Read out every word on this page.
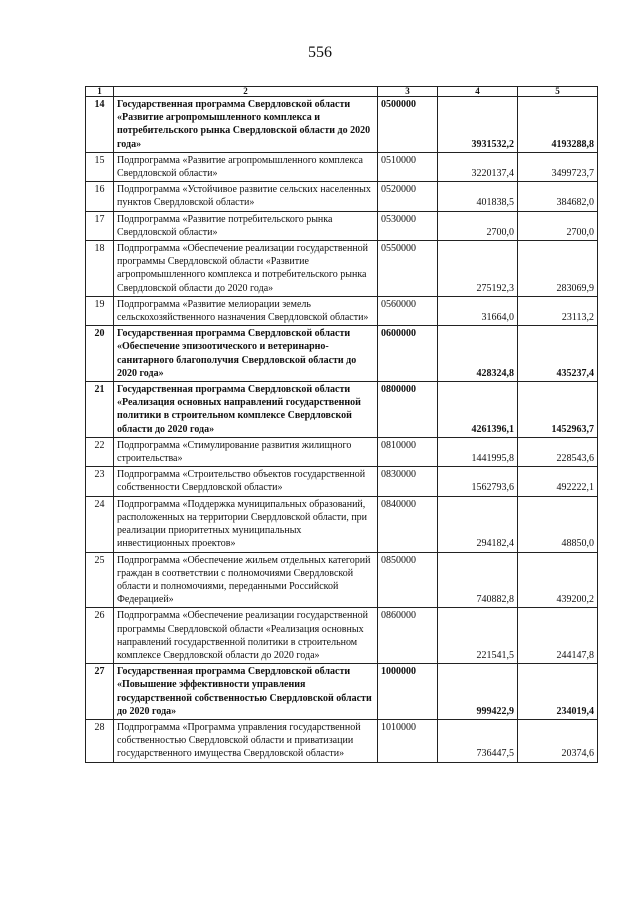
556
1	2	3	4	5
14	Государственная программа Свердловской области «Развитие агропромышленного комплекса и потребительского рынка Свердловской области до 2020 года»	0500000	3931532,2	4193288,8
15	Подпрограмма «Развитие агропромышленного комплекса Свердловской области»	0510000	3220137,4	3499723,7
16	Подпрограмма «Устойчивое развитие сельских населенных пунктов Свердловской области»	0520000	401838,5	384682,0
17	Подпрограмма «Развитие потребительского рынка Свердловской области»	0530000	2700,0	2700,0
18	Подпрограмма «Обеспечение реализации государственной программы Свердловской области «Развитие агропромышленного комплекса и потребительского рынка Свердловской области до 2020 года»	0550000	275192,3	283069,9
19	Подпрограмма «Развитие мелиорации земель сельскохозяйственного назначения Свердловской области»	0560000	31664,0	23113,2
20	Государственная программа Свердловской области «Обеспечение эпизоотического и ветеринарно-санитарного благополучия Свердловской области до 2020 года»	0600000	428324,8	435237,4
21	Государственная программа Свердловской области «Реализация основных направлений государственной политики в строительном комплексе Свердловской области до 2020 года»	0800000	4261396,1	1452963,7
22	Подпрограмма «Стимулирование развития жилищного строительства»	0810000	1441995,8	228543,6
23	Подпрограмма «Строительство объектов государственной собственности Свердловской области»	0830000	1562793,6	492222,1
24	Подпрограмма «Поддержка муниципальных образований, расположенных на территории Свердловской области, при реализации приоритетных муниципальных инвестиционных проектов»	0840000	294182,4	48850,0
25	Подпрограмма «Обеспечение жильем отдельных категорий граждан в соответствии с полномочиями Свердловской области и полномочиями, переданными Российской Федерацией»	0850000	740882,8	439200,2
26	Подпрограмма «Обеспечение реализации государственной программы Свердловской области «Реализация основных направлений государственной политики в строительном комплексе Свердловской области до 2020 года»	0860000	221541,5	244147,8
27	Государственная программа Свердловской области «Повышение эффективности управления государственной собственностью Свердловской области до 2020 года»	1000000	999422,9	234019,4
28	Подпрограмма «Программа управления государственной собственностью Свердловской области и приватизации государственного имущества Свердловской области»	1010000	736447,5	20374,6
